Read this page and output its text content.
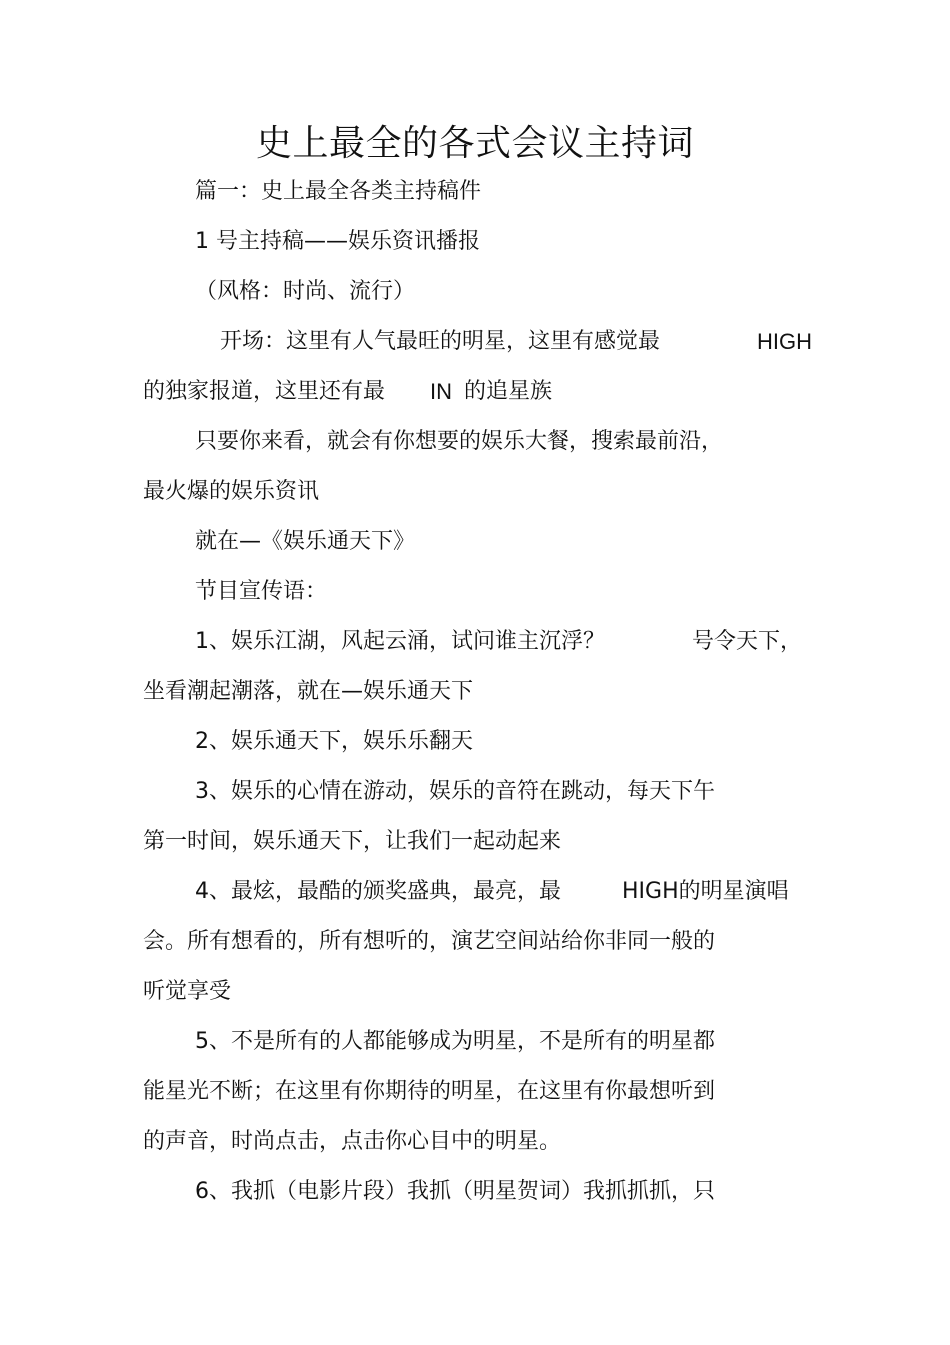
史上最全的各式会议主持词
篇一：史上最全各类主持稿件
1 号主持稿——娱乐资讯播报
（风格：时尚、流行）
开场：这里有人气最旺的明星，这里有感觉最	HIGH
的独家报道，这里还有最 IN 的追星族
只要你来看，就会有你想要的娱乐大餐，搜索最前沿，
最火爆的娱乐资讯
就在—《娱乐通天下》
节目宣传语：
1、娱乐江湖，风起云涌，试问谁主沉浮？	号令天下，
坐看潮起潮落，就在—娱乐通天下
2、娱乐通天下，娱乐乐翻天
3、娱乐的心情在游动，娱乐的音符在跳动，每天下午
第一时间，娱乐通天下，让我们一起动起来
4、最炫，最酷的颁奖盛典，最亮，最	HIGH的明星演唱
会。所有想看的，所有想听的，演艺空间站给你非同一般的
听觉享受
5、不是所有的人都能够成为明星，不是所有的明星都
能星光不断；在这里有你期待的明星，在这里有你最想听到
的声音，时尚点击，点击你心目中的明星。
6、我抓（电影片段）我抓（明星贺词）我抓抓抓，只
